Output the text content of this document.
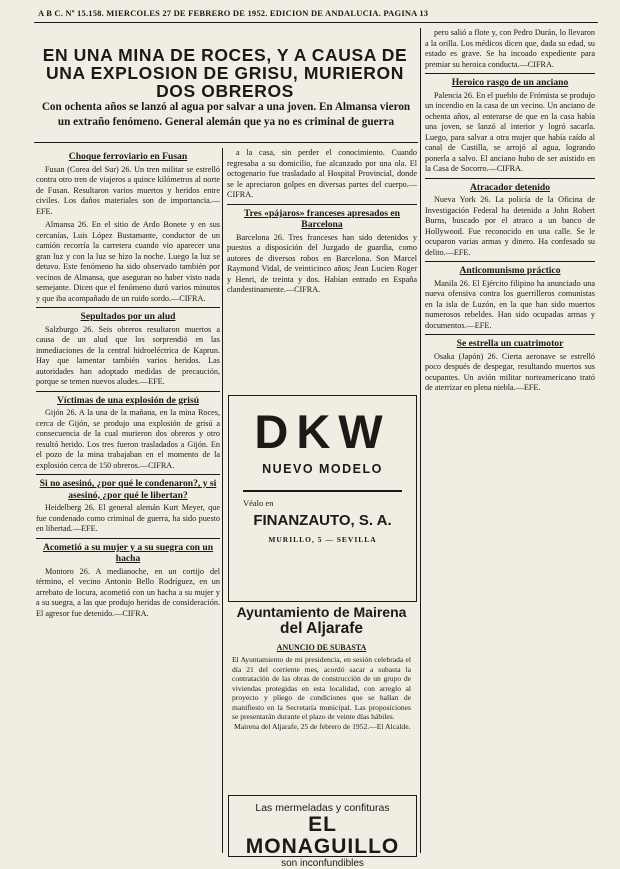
A B C. Nº 15.158. MIERCOLES 27 DE FEBRERO DE 1952. EDICION DE ANDALUCIA. PAGINA 13
EN UNA MINA DE ROCES, Y A CAUSA DE
UNA EXPLOSION DE GRISU, MURIERON
DOS OBREROS
Con ochenta años se lanzó al agua por salvar a una joven. En Almansa vieron un extraño fenómeno. General alemán que ya no es criminal de guerra
Choque ferroviario en Fusan
Fusan (Corea del Sur) 26. Un tren militar se estrelló contra otro tren de viajeros a quince kilómetros al norte de Fusan. Resultaron varios muertos y heridos entre civiles. Los daños materiales son de importancia.—EFE.
Almansa 26. En el sitio de Ardo Bonete y en sus cercanías, Luis López Bustamante, conductor de un camión recorría la carretera cuando vio aparecer una gran luz y con la luz se hizo la noche. Luego la luz se detuvo. Este fenómeno ha sido observado también por vecinos de Almansa, que aseguran no haber visto nada semejante. Dicen que el fenómeno duró varios minutos y que iba acompañado de un ruido sordo.—CIFRA.
Sepultados por un alud
Salzburgo 26. Seis obreros resultaron muertos a causa de un alud que los sorprendió en las inmediaciones de la central hidroeléctrica de Kaprun. Hay que lamentar también varios heridos. Las autoridades han adoptado medidas de precaución, porque se temen nuevos aludes.—EFE.
Víctimas de una explosión de grisú
Gijón 26. A la una de la mañana, en la mina Roces, cerca de Gijón, se produjo una explosión de grisú a consecuencia de la cual murieron dos obreros y otro resultó herido. Los tres fueron trasladados a Gijón. En el pozo de la mina trabajaban en el momento de la explosión cerca de 150 obreros.—CIFRA.
Si no asesinó, ¿por qué le condenaron?, y si asesinó, ¿por qué le libertan?
Heidelberg 26. El general alemán Kurt Meyer, que fue condenado como criminal de guerra, ha sido puesto en libertad.—EFE.
Acometió a su mujer y a su suegra con un hacha
Montoro 26. A medianoche, en un cortijo del término, el vecino Antonio Bello Rodríguez, en un arrebato de locura, acometió con un hacha a su mujer y a su suegra, a las que produjo heridas de consideración. El agresor fue detenido.—CIFRA.
a la casa, sin perder el conocimiento. Cuando regresaba a su domicilio, fue alcanzado por una ola. El octogenario fue trasladado al Hospital Provincial, donde se le apreciaron golpes en diversas partes del cuerpo.—CIFRA.
Tres «pájaros» franceses apresados en Barcelona
Barcelona 26. Tres franceses han sido detenidos y puestos a disposición del Juzgado de guardia, como autores de diversos robos en Barcelona. Son Marcel Raymond Vidal, de veinticinco años; Jean Lucien Roger y Henri, de treinta y dos. Habían entrado en España clandestinamente.—CIFRA.
DKW
NUEVO MODELO
Véalo en
FINANZAUTO, S. A.
MURILLO, 5 — SEVILLA
Ayuntamiento de Mairena
del Aljarafe
ANUNCIO DE SUBASTA
El Ayuntamiento de mi presidencia, en sesión celebrada el día 21 del corriente mes, acordó sacar a subasta la contratación de las obras de construcción de un grupo de viviendas protegidas en esta localidad, con arreglo al proyecto y pliego de condiciones que se hallan de manifiesto en la Secretaría municipal. Las proposiciones se presentarán durante el plazo de veinte días hábiles.
Mairena del Aljarafe, 25 de febrero de 1952.—El Alcalde.
Las mermeladas y confituras
EL MONAGUILLO
son inconfundibles
pero salió a flote y, con Pedro Durán, lo llevaron a la orilla. Los médicos dicen que, dada su edad, su estado es grave. Se ha incoado expediente para premiar su heroica conducta.—CIFRA.
Heroico rasgo de un anciano
Palencia 26. En el pueblo de Frómista se produjo un incendio en la casa de un vecino. Un anciano de ochenta años, al enterarse de que en la casa había una joven, se lanzó al interior y logró sacarla. Luego, para salvar a otra mujer que había caído al canal de Castilla, se arrojó al agua, logrando ponerla a salvo. El anciano hubo de ser asistido en la Casa de Socorro.—CIFRA.
Atracador detenido
Nueva York 26. La policía de la Oficina de Investigación Federal ha detenido a John Robert Burns, buscado por el atraco a un banco de Hollywood. Fue reconocido en una calle. Se le ocuparon varias armas y dinero. Ha confesado su delito.—EFE.
Anticomunismo práctico
Manila 26. El Ejército filipino ha anunciado una nueva ofensiva contra los guerrilleros comunistas en la isla de Luzón, en la que han sido muertos numerosos rebeldes. Han sido ocupadas armas y documentos.—EFE.
Se estrella un cuatrimotor
Osaka (Japón) 26. Cierta aeronave se estrelló poco después de despegar, resultando muertos sus ocupantes. Un avión militar norteamericano trató de aterrizar en plena niebla.—EFE.
